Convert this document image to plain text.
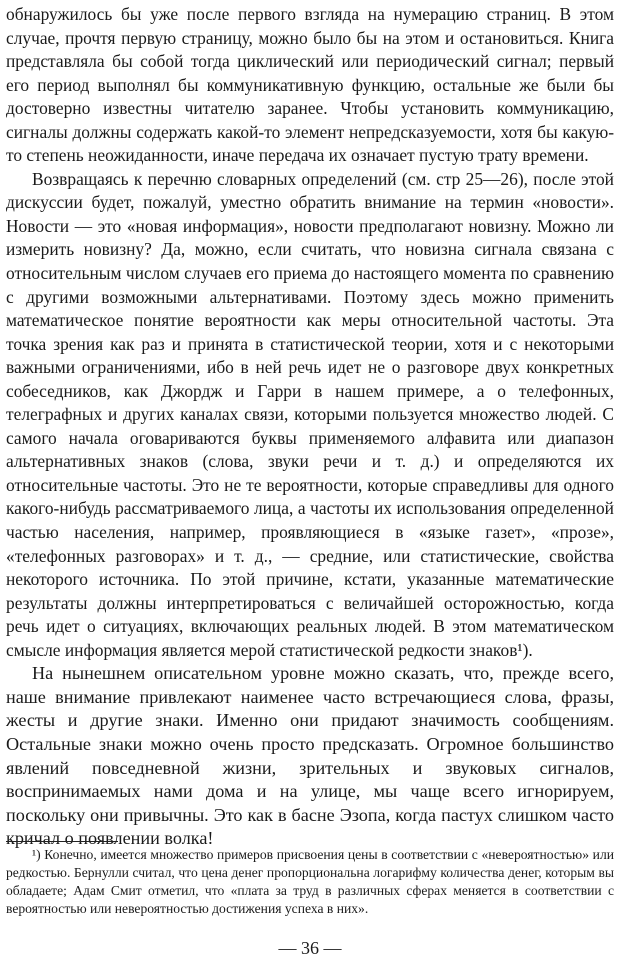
обнаружилось бы уже после первого взгляда на нумерацию страниц. В этом случае, прочтя первую страницу, можно было бы на этом и остановиться. Книга представляла бы собой тогда циклический или периодический сигнал; первый его период выполнял бы коммуникативную функцию, остальные же были бы достоверно известны читателю заранее. Чтобы установить коммуникацию, сигналы должны содержать какой-то элемент непредсказуемости, хотя бы какую-то степень неожиданности, иначе передача их означает пустую трату времени.

Возвращаясь к перечню словарных определений (см. стр 25—26), после этой дискуссии будет, пожалуй, уместно обратить внимание на термин «новости». Новости — это «новая информация», новости предполагают новизну. Можно ли измерить новизну? Да, можно, если считать, что новизна сигнала связана с относительным числом случаев его приема до настоящего момента по сравнению с другими возможными альтернативами. Поэтому здесь можно применить математическое понятие вероятности как меры относительной частоты. Эта точка зрения как раз и принята в статистической теории, хотя и с некоторыми важными ограничениями, ибо в ней речь идет не о разговоре двух конкретных собеседников, как Джордж и Гарри в нашем примере, а о телефонных, телеграфных и других каналах связи, которыми пользуется множество людей. С самого начала оговариваются буквы применяемого алфавита или диапазон альтернативных знаков (слова, звуки речи и т. д.) и определяются их относительные частоты. Это не те вероятности, которые справедливы для одного какого-нибудь рассматриваемого лица, а частоты их использования определенной частью населения, например, проявляющиеся в «языке газет», «прозе», «телефонных разговорах» и т. д., — средние, или статистические, свойства некоторого источника. По этой причине, кстати, указанные математические результаты должны интерпретироваться с величайшей осторожностью, когда речь идет о ситуациях, включающих реальных людей. В этом математическом смысле информация является мерой статистической редкости знаков¹).

На нынешнем описательном уровне можно сказать, что, прежде всего, наше внимание привлекают наименее часто встречающиеся слова, фразы, жесты и другие знаки. Именно они придают значимость сообщениям. Остальные знаки можно очень просто предсказать. Огромное большинство явлений повседневной жизни, зрительных и звуковых сигналов, воспринимаемых нами дома и на улице, мы чаще всего игнорируем, поскольку они привычны. Это как в басне Эзопа, когда пастух слишком часто кричал о появлении волка!

¹) Конечно, имеется множество примеров присвоения цены в соответствии с «невероятностью» или редкостью. Бернулли считал, что цена денег пропорциональна логарифму количества денег, которым вы обладаете; Адам Смит отметил, что «плата за труд в различных сферах меняется в соответствии с вероятностью или невероятностью достижения успеха в них».

— 36 —
